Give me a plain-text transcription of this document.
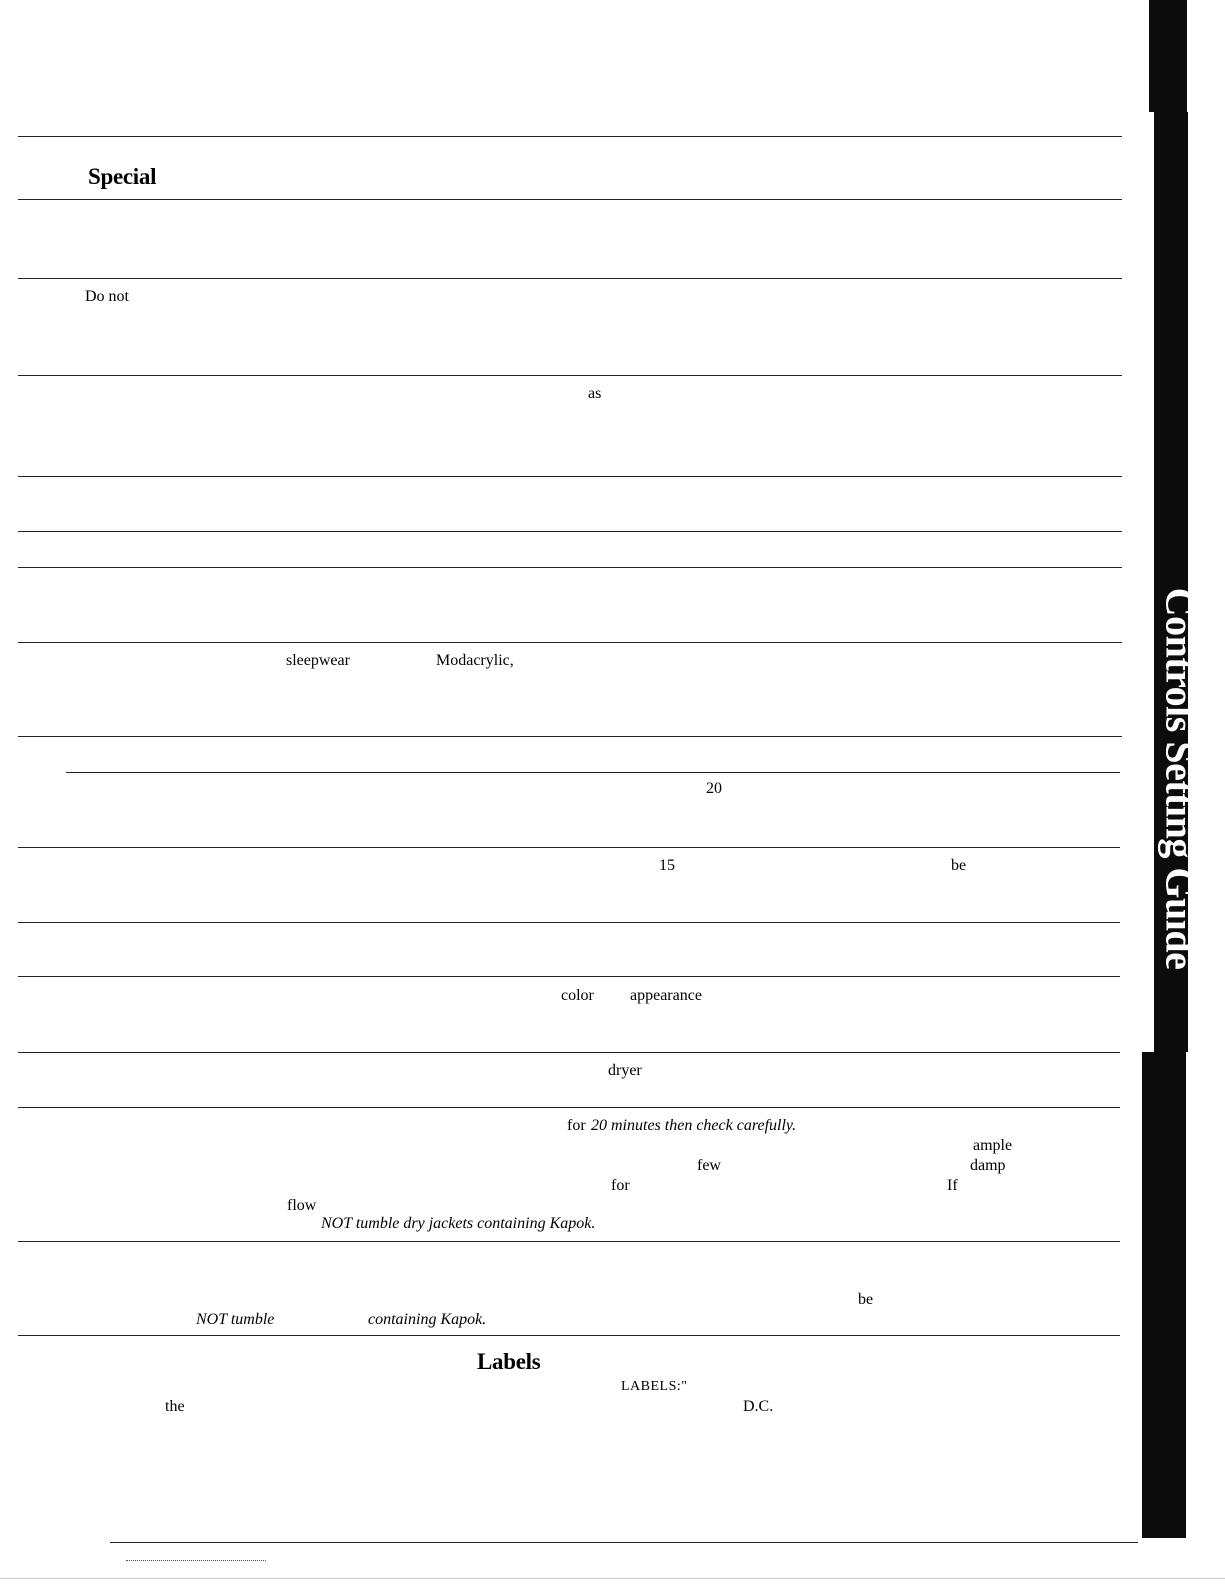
Special
Labels
Do not
as
sleepwear	Modacrylic,
20
15	be
color appearance
dryer
for 20 minutes then check carefully.
ample
few	damp
for	If
flow
NOT tumble dry jackets containing Kapok.
be
NOT tumble	containing Kapok.
LABELS:"
the	D.C.
Controls Setting Guide
